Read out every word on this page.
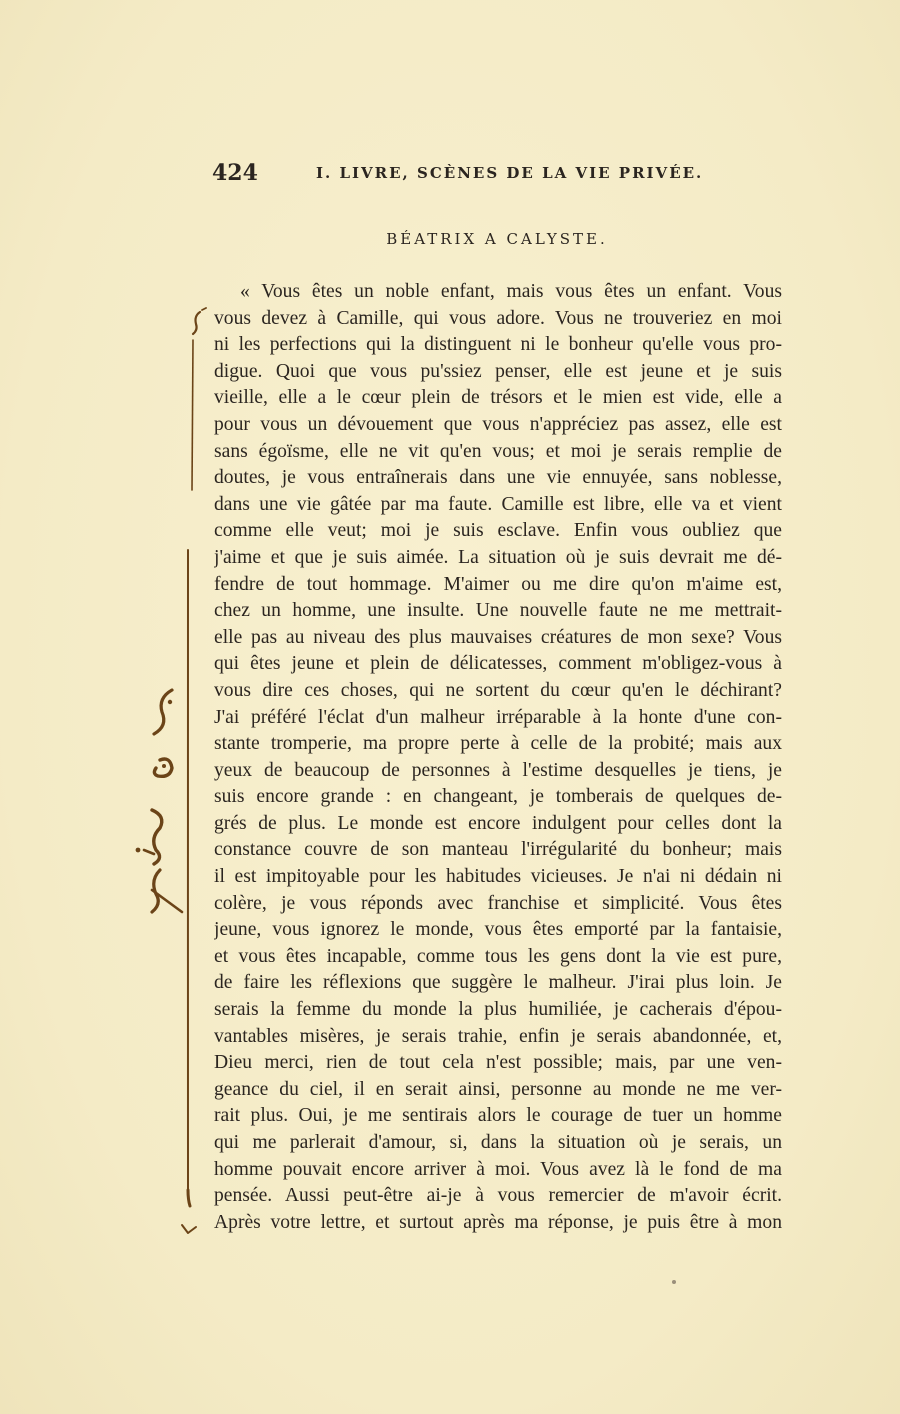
424	I. LIVRE, SCÈNES DE LA VIE PRIVÉE.
BÉATRIX A CALYSTE.
« Vous êtes un noble enfant, mais vous êtes un enfant. Vous
vous devez à Camille, qui vous adore. Vous ne trouveriez en moi
ni les perfections qui la distinguent ni le bonheur qu'elle vous pro-
digue. Quoi que vous pu'ssiez penser, elle est jeune et je suis
vieille, elle a le cœur plein de trésors et le mien est vide, elle a
pour vous un dévouement que vous n'appréciez pas assez, elle est
sans égoïsme, elle ne vit qu'en vous; et moi je serais remplie de
doutes, je vous entraînerais dans une vie ennuyée, sans noblesse,
dans une vie gâtée par ma faute. Camille est libre, elle va et vient
comme elle veut; moi je suis esclave. Enfin vous oubliez que
j'aime et que je suis aimée. La situation où je suis devrait me dé-
fendre de tout hommage. M'aimer ou me dire qu'on m'aime est,
chez un homme, une insulte. Une nouvelle faute ne me mettrait-
elle pas au niveau des plus mauvaises créatures de mon sexe? Vous
qui êtes jeune et plein de délicatesses, comment m'obligez-vous à
vous dire ces choses, qui ne sortent du cœur qu'en le déchirant?
J'ai préféré l'éclat d'un malheur irréparable à la honte d'une con-
stante tromperie, ma propre perte à celle de la probité; mais aux
yeux de beaucoup de personnes à l'estime desquelles je tiens, je
suis encore grande : en changeant, je tomberais de quelques de-
grés de plus. Le monde est encore indulgent pour celles dont la
constance couvre de son manteau l'irrégularité du bonheur; mais
il est impitoyable pour les habitudes vicieuses. Je n'ai ni dédain ni
colère, je vous réponds avec franchise et simplicité. Vous êtes
jeune, vous ignorez le monde, vous êtes emporté par la fantaisie,
et vous êtes incapable, comme tous les gens dont la vie est pure,
de faire les réflexions que suggère le malheur. J'irai plus loin. Je
serais la femme du monde la plus humiliée, je cacherais d'épou-
vantables misères, je serais trahie, enfin je serais abandonnée, et,
Dieu merci, rien de tout cela n'est possible; mais, par une ven-
geance du ciel, il en serait ainsi, personne au monde ne me ver-
rait plus. Oui, je me sentirais alors le courage de tuer un homme
qui me parlerait d'amour, si, dans la situation où je serais, un
homme pouvait encore arriver à moi. Vous avez là le fond de ma
pensée. Aussi peut-être ai-je à vous remercier de m'avoir écrit.
Après votre lettre, et surtout après ma réponse, je puis être à mon
